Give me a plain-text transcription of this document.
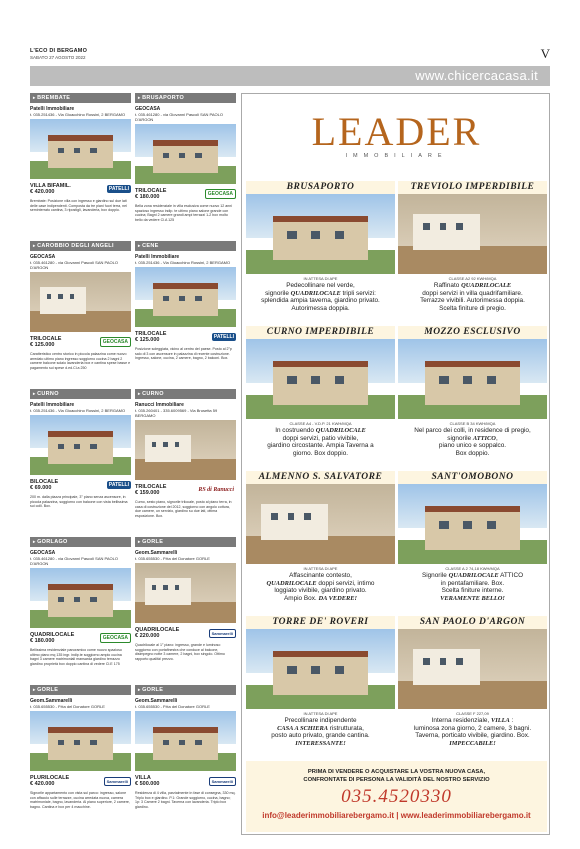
L'ECO DI BERGAMO
SABATO 27 AGOSTO 2022	V
www.chicercacasa.it
▸ BREMBATE
Patelli Immobiliare
t. 035.251436 - Via Gioacchino Rossini, 2 BERGAMO
VILLA BIFAMIL.
€ 420.000	PATELLI
Brembate: Posizione villa con ingresso e giardino sul due lati delle case indipendenti. Composta da tre piani fuori terra, nel seminterrato cantina, 3 ripostigli, lavanderia, box doppio.
▸ CAROBBIO DEGLI ANGELI
GEOCASA
t. 035.461280 - via Giovanni Pascoli SAN PAOLO D'ARGON
TRILOCALE
€ 125.000	GEOCASA
Caratteristico centro storico in piccola palazzina come nuovo arredato ultimo piano ingresso soggiorno cucina 2 bagni 2 camere balcone solaio lavanderia box e cantina spese basse e pagamento sui spese d.ed.Cl.a 250
▸ CURNO
Patelli Immobiliare
t. 035.251436 - Via Gioacchino Rossini, 2 BERGAMO
BILOCALE
€ 69.000	PATELLI
200 m. dalla piazza principale, 3° piano senza ascensore, in piccola palazzina, soggiorno con balcone con vista bellissima sui colli. Box.
▸ GORLAGO
GEOCASA
t. 035.461280 - via Giovanni Pascoli SAN PAOLO D'ARGON
QUADRILOCALE
€ 180.000	GEOCASA
Bellissima residenziale panoramico come nuovo spazioso ultimo piano mq 135 ingr. indip.te soggiorno ampio cucina bagni 3 camere matrimoniali mansarda giardino terrazzo giardino proprietà box doppio cantina di vedere Cl.E 175
▸ GORLE
Geom.Sammarelli
t. 035.655530 - P.tta del Donatore GORLE
PLURILOCALE
€ 420.000	Sammarelli
Signorile appartamento con vista sul parco: ingresso, salone con affaccio sulle terrazze, cucina arredata nuova, camera matrimoniale, bagno, lavanderia. Al piano superiore, 2 camere, bagno. Cantina e box per 4 macchine.
▸ BRUSAPORTO
GEOCASA
t. 035.461280 - via Giovanni Pascoli SAN PAOLO D'ARGON
TRILOCALE
€ 180.000	GEOCASA
Bella zona residenziale in villa esclusiva come nuovo 12 anni spazioso ingresso indip. te ultimo piano salone grande con cucina; Bagni 2 camere grandi ampi terrazzi 1-2 box molto bello da vedere Cl.A 125
▸ CENE
Patelli Immobiliare
t. 035.251436 - Via Gioacchino Rossini, 2 BERGAMO
TRILOCALE
€ 125.000	PATELLI
Posizione soleggiata, vicino al centro del paese. Posto al 2°p salo di 3 con ascensore in palazzina di recente costruzione. Ingresso, salone, cucina, 2 camere, bagno, 2 balconi. Box.
▸ CURNO
Ranucci Immobiliare
t. 035.260401 - 335.6009569 - Via Brusetta 59 BERGAMO
TRILOCALE
€ 159.000	RS di Ranucci
Curno, sesto piano, signorile trilocale, posto al piano terra, in casa di costruzione del 2012, soggiorno con angolo cottura, due camere, un servizio, giardino su due lati, ottima esposizione. Box.
▸ GORLE
Geom.Sammarelli
t. 035.655530 - P.tta del Donatore GORLE
QUADRILOCALE
€ 220.000	Sammarelli
Quadrilocale al 1° piano: ingresso, grande e luminoso soggiorno con portafinestra che conduce al balcone, disimpegno notte 3 camere, 2 bagni, box singolo. Ottimo rapporto qualità/ prezzo.
▸ GORLE
Geom.Sammarelli
t. 035.655530 - P.tta del Donatore GORLE
VILLA
€ 500.000	Sammarelli
Residenza di 4 villa, parzialmente in fase di consegna, 330 mq. Triplo box e giardino. P.1: Grande soggiorno, cucina, bagno; 1p: 3 Camere 2 bagni. Taverna con lavanderia. Triplo box giardino.
LEADER
IMMOBILIARE
BRUSAPORTO
IN ATTESA DI APE
Pedecollinare nel verde,
signorile QUADRILOCALE tripli servizi:
splendida ampia taverna, giardino privato.
Autorimessa doppia.
TREVIOLO IMPERDIBILE
CLASSE A2 92 KWH/MQA
Raffinato QUADRILOCALE
doppi servizi in villa quadrifamiliare.
Terrazze vivibili. Autorimessa doppia.
Scelta finiture di pregio.
CURNO IMPERDIBILE
CLASSE A4 - V.D.P. 21 KWH/MQA
In costruendo QUADRILOCALE
doppi servizi, patio vivibile,
giardino circostante. Ampia Taverna a
giorno. Box doppio.
MOZZO ESCLUSIVO
CLASSE B 34 KWH/MQA
Nel parco dei colli, in residence di pregio,
signorile ATTICO,
piano unico e soppalco.
Box doppio.
ALMENNO S. SALVATORE
IN ATTESA DI APE
Affascinante contesto,
QUADRILOCALE doppi servizi, intimo
loggiato vivibile, giardino privato.
Ampio Box. DA VEDERE!
SANT'OMOBONO
CLASSE A 2 74,18 KWH/MQA
Signorile QUADRILOCALE ATTICO
in pentafamiliare. Box.
Scelta finiture interne.
VERAMENTE BELLO!
TORRE DE' ROVERI
IN ATTESA DI APE
Precollinare indipendente
CASA A SCHIERA ristrutturata,
posto auto privato, grande cantina.
INTERESSANTE!
SAN PAOLO D'ARGON
CLASSE F 227,09
Interna residenziale, VILLA :
luminosa zona giorno, 2 camere, 3 bagni.
Taverna, porticato vivibile, giardino. Box.
IMPECCABILE!
PRIMA DI VENDERE O ACQUISTARE LA VOSTRA NUOVA CASA,
CONFRONTATE DI PERSONA LA VALIDITÀ DEL NOSTRO SERVIZIO
035.4520330
info@leaderimmobiliarebergamo.it | www.leaderimmobiliarebergamo.it
